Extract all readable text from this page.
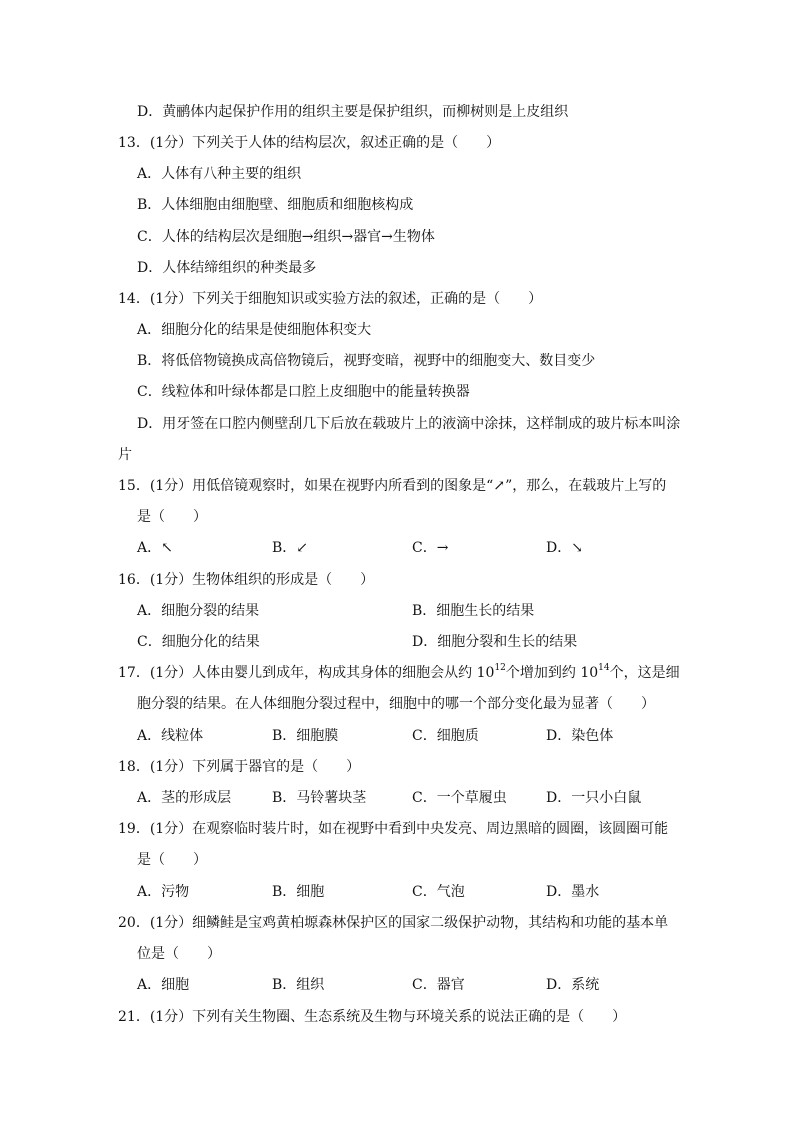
D．黄鹂体内起保护作用的组织主要是保护组织，而柳树则是上皮组织
13．(1分）下列关于人体的结构层次，叙述正确的是（　　）
A．人体有八种主要的组织
B．人体细胞由细胞壁、细胞质和细胞核构成
C．人体的结构层次是细胞→组织→器官→生物体
D．人体结缔组织的种类最多
14．(1分）下列关于细胞知识或实验方法的叙述，正确的是（　　）
A．细胞分化的结果是使细胞体积变大
B．将低倍物镜换成高倍物镜后，视野变暗，视野中的细胞变大、数目变少
C．线粒体和叶绿体都是口腔上皮细胞中的能量转换器
D．用牙签在口腔内侧壁刮几下后放在载玻片上的液滴中涂抹，这样制成的玻片标本叫涂
片
15．(1分）用低倍镜观察时，如果在视野内所看到的图象是“↗”，那么，在载玻片上写的
是（　　）
A．↖	B．↙	C．→	D．↘
16．(1分）生物体组织的形成是（　　）
A．细胞分裂的结果	B．细胞生长的结果
C．细胞分化的结果	D．细胞分裂和生长的结果
17．(1分）人体由婴儿到成年，构成其身体的细胞会从约 $10^{12}$个增加到约 $10^{14}$个，这是细
胞分裂的结果。在人体细胞分裂过程中，细胞中的哪一个部分变化最为显著（　　）
A．线粒体	B．细胞膜	C．细胞质	D．染色体
18．(1分）下列属于器官的是（　　）
A．茎的形成层	B．马铃薯块茎	C．一个草履虫	D．一只小白鼠
19．(1分）在观察临时装片时，如在视野中看到中央发亮、周边黑暗的圆圈，该圆圈可能
是（　　）
A．污物	B．细胞	C．气泡	D．墨水
20．(1分）细鳞鲑是宝鸡黄柏塬森林保护区的国家二级保护动物，其结构和功能的基本单
位是（　　）
A．细胞	B．组织	C．器官	D．系统
21．(1分）下列有关生物圈、生态系统及生物与环境关系的说法正确的是（　　）
